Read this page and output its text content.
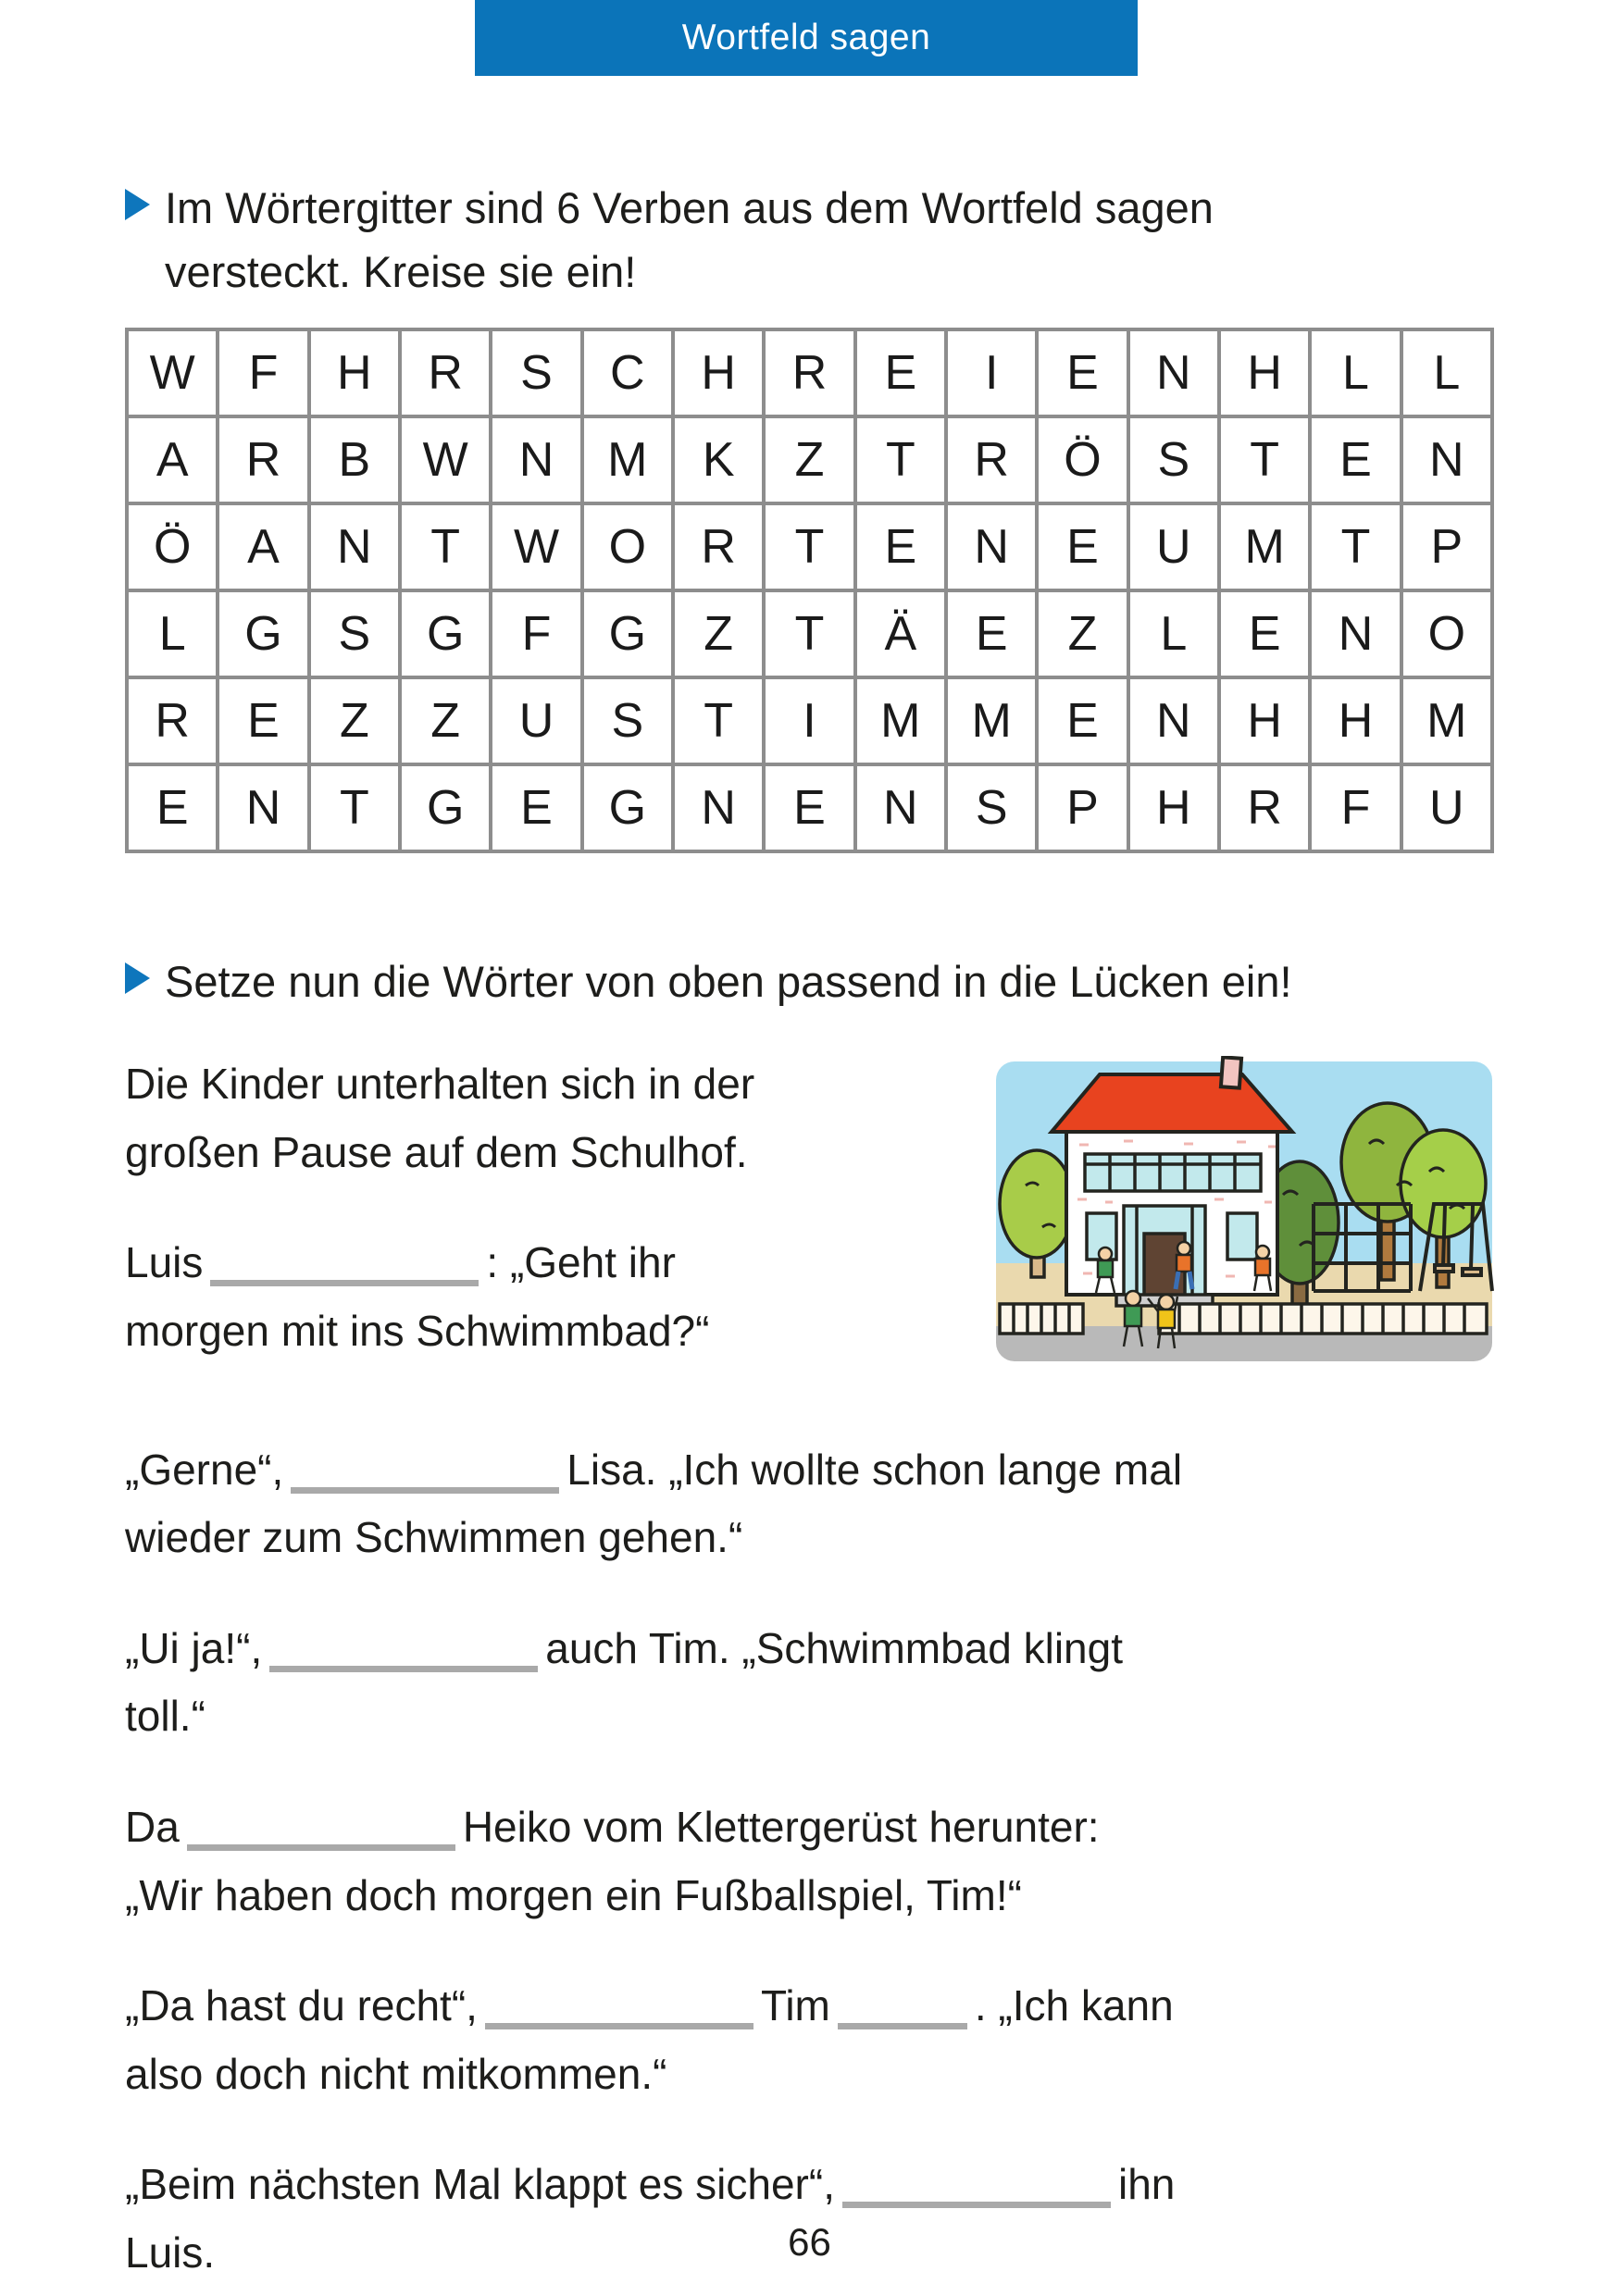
Wortfeld sagen
Im Wörtergitter sind 6 Verben aus dem Wortfeld sagen
versteckt. Kreise sie ein!
W	F	H	R	S	C	H	R	E	I	E	N	H	L	L
A	R	B	W	N	M	K	Z	T	R	Ö	S	T	E	N
Ö	A	N	T	W	O	R	T	E	N	E	U	M	T	P
L	G	S	G	F	G	Z	T	Ä	E	Z	L	E	N	O
R	E	Z	Z	U	S	T	I	M	M	E	N	H	H	M
E	N	T	G	E	G	N	E	N	S	P	H	R	F	U
Setze nun die Wörter von oben passend in die Lücken ein!

Die Kinder unterhalten sich in der
großen Pause auf dem Schulhof.

Luis	: „Geht ihr
morgen mit ins Schwimmbad?“

„Gerne“,	Lisa. „Ich wollte schon lange mal
wieder zum Schwimmen gehen.“

„Ui ja!“,	auch Tim. „Schwimmbad klingt
toll.“

Da	Heiko vom Klettergerüst herunter:
„Wir haben doch morgen ein Fußballspiel, Tim!“

„Da hast du recht“,	Tim	. „Ich kann
also doch nicht mitkommen.“

„Beim nächsten Mal klappt es sicher“,	ihn
Luis.	66
